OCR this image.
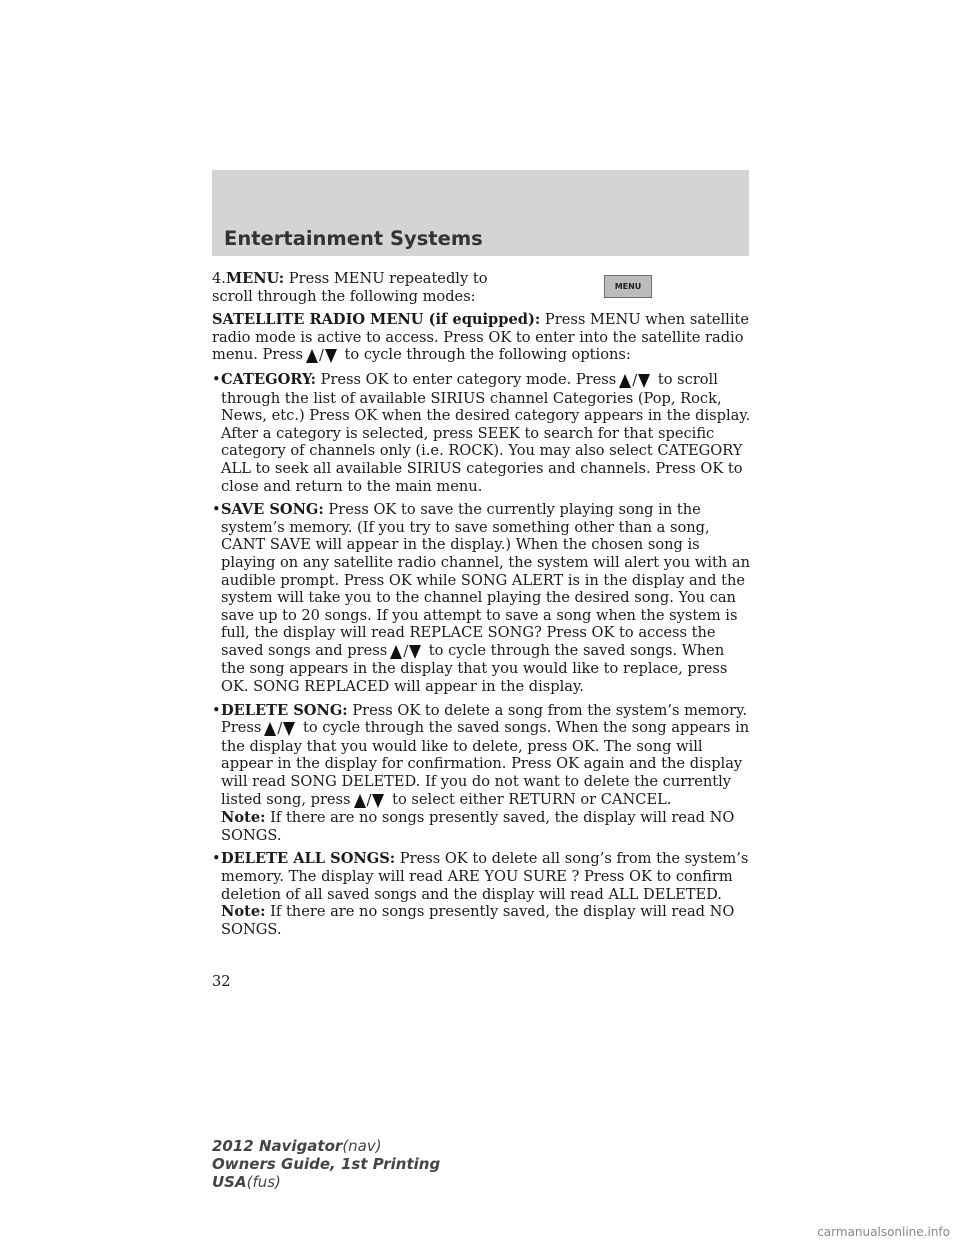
Entertainment Systems
MENU

4.MENU: Press MENU repeatedly to scroll through the following modes:

SATELLITE RADIO MENU (if equipped): Press MENU when satellite radio mode is active to access. Press OK to enter into the satellite radio menu. Press / to cycle through the following options:

• CATEGORY: Press OK to enter category mode. Press / to scroll through the list of available SIRIUS channel Categories (Pop, Rock, News, etc.) Press OK when the desired category appears in the display. After a category is selected, press SEEK to search for that specific category of channels only (i.e. ROCK). You may also select CATEGORY ALL to seek all available SIRIUS categories and channels. Press OK to close and return to the main menu.
• SAVE SONG: Press OK to save the currently playing song in the system’s memory. (If you try to save something other than a song, CANT SAVE will appear in the display.) When the chosen song is playing on any satellite radio channel, the system will alert you with an audible prompt. Press OK while SONG ALERT is in the display and the system will take you to the channel playing the desired song. You can save up to 20 songs. If you attempt to save a song when the system is full, the display will read REPLACE SONG? Press OK to access the saved songs and press / to cycle through the saved songs. When the song appears in the display that you would like to replace, press OK. SONG REPLACED will appear in the display.
• DELETE SONG: Press OK to delete a song from the system’s memory. Press / to cycle through the saved songs. When the song appears in the display that you would like to delete, press OK. The song will appear in the display for confirmation. Press OK again and the display will read SONG DELETED. If you do not want to delete the currently listed song, press / to select either RETURN or CANCEL.
Note: If there are no songs presently saved, the display will read NO SONGS.
• DELETE ALL SONGS: Press OK to delete all song’s from the system’s memory. The display will read ARE YOU SURE ? Press OK to confirm deletion of all saved songs and the display will read ALL DELETED.
Note: If there are no songs presently saved, the display will read NO SONGS.
32
2012 Navigator(nav)
Owners Guide, 1st Printing
USA(fus)
carmanualsonline.info
